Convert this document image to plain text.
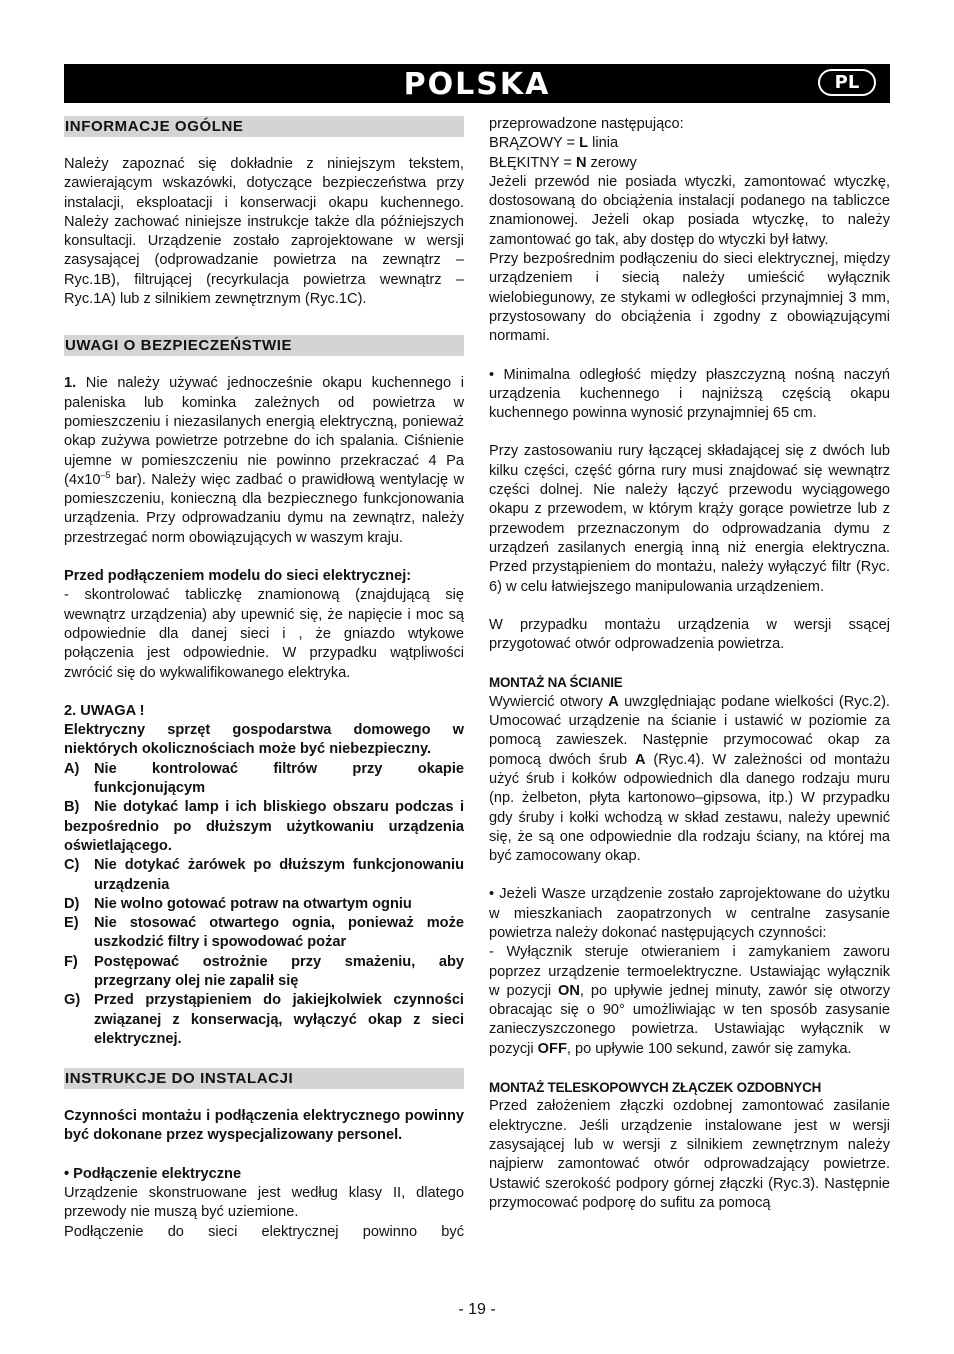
POLSKA	PL
INFORMACJE OGÓLNE

Należy zapoznać się dokładnie z niniejszym tekstem, zawierającym wskazówki, dotyczące bezpieczeństwa przy instalacji, eksploatacji i konserwacji okapu kuchennego. Należy zachować niniejsze instrukcje także dla późniejszych konsultacji. Urządzenie zostało zaprojektowane w wersji zasysającej (odprowadzanie powietrza na zewnątrz – Ryc.1B), filtrującej (recyrkulacja powietrza wewnątrz – Ryc.1A) lub z silnikiem zewnętrznym (Ryc.1C).

UWAGI O BEZPIECZEŃSTWIE

1. Nie należy używać jednocześnie okapu kuchennego i paleniska lub kominka zależnych od powietrza w pomieszczeniu i niezasilanych energią elektryczną, ponieważ okap zużywa powietrze potrzebne do ich spalania. Ciśnienie ujemne w pomieszczeniu nie powinno przekraczać 4 Pa ($4x10^{-5}$ bar). Należy więc zadbać o prawidłową wentylację w pomieszczeniu, konieczną dla bezpiecznego funkcjonowania urządzenia. Przy odprowadzaniu dymu na zewnątrz, należy przestrzegać norm obowiązujących w waszym kraju.

Przed podłączeniem modelu do sieci elektrycznej:

- skontrolować tabliczkę znamionową (znajdującą się wewnątrz urządzenia) aby upewnić się, że napięcie i moc są odpowiednie dla danej sieci i , że gniazdo wtykowe połączenia jest odpowiednie. W przypadku wątpliwości zwrócić się do wykwalifikowanego elektryka.

2. UWAGA !

Elektryczny sprzęt gospodarstwa domowego w niektórych okolicznościach może być niebezpieczny.

A) Nie kontrolować filtrów przy okapie funkcjonującym
B) Nie dotykać lamp i ich bliskiego obszaru podczas i bezpośrednio po dłuższym użytkowaniu urządzenia oświetlającego.
C) Nie dotykać żarówek po dłuższym funkcjonowaniu urządzenia
D) Nie wolno gotować potraw na otwartym ogniu
E)	Nie stosować otwartego ognia, ponieważ może uszkodzić filtry i spowodować pożar
F)	Postępować ostrożnie przy smażeniu, aby przegrzany olej nie zapalił się
G) Przed przystąpieniem do jakiejkolwiek czynności związanej z konserwacją, wyłączyć okap z sieci elektrycznej.
INSTRUKCJE DO INSTALACJI

Czynności montażu i podłączenia elektrycznego powinny być dokonane przez wyspecjalizowany personel.

• Podłączenie elektryczne

Urządzenie skonstruowane jest według klasy II, dlatego przewody nie muszą być uziemione.

Podłączenie do sieci elektrycznej powinno być

przeprowadzone następująco:

BRĄZOWY = L linia

BŁĘKITNY = N zerowy

Jeżeli przewód nie posiada wtyczki, zamontować wtyczkę, dostosowaną do obciążenia instalacji podanego na tabliczce znamionowej. Jeżeli okap posiada wtyczkę, to należy zamontować go tak, aby dostęp do wtyczki był łatwy.

Przy bezpośrednim podłączeniu do sieci elektrycznej, między urządzeniem i siecią należy umieścić wyłącznik wielobiegunowy, ze stykami w odległości przynajmniej 3 mm, przystosowany do obciążenia i zgodny z obowiązującymi normami.

• Minimalna odległość między płaszczyzną nośną naczyń urządzenia kuchennego i najniższą częścią okapu kuchennego powinna wynosić przynajmniej 65 cm.

Przy zastosowaniu rury łączącej składającej się z dwóch lub kilku części, część górna rury musi znajdować się wewnątrz części dolnej. Nie należy łączyć przewodu wyciągowego okapu z przewodem, w którym krąży gorące powietrze lub z przewodem przeznaczonym do odprowadzania dymu z urządzeń zasilanych energią inną niż energia elektryczna. Przed przystąpieniem do montażu, należy wyłączyć filtr (Ryc. 6) w celu łatwiejszego manipulowania urządzeniem.

W przypadku montażu urządzenia w wersji ssącej przygotować otwór odprowadzenia powietrza.

MONTAŻ NA ŚCIANIE

Wywiercić otwory A uwzględniając podane wielkości (Ryc.2). Umocować urządzenie na ścianie i ustawić w poziomie za pomocą zawieszek. Następnie przymocować okap za pomocą dwóch śrub A (Ryc.4). W zależności od montażu użyć śrub i kołków odpowiednich dla danego rodzaju muru (np. żelbeton, płyta kartonowo–gipsowa, itp.) W przypadku gdy śruby i kołki wchodzą w skład zestawu, należy upewnić się, że są one odpowiednie dla rodzaju ściany, na której ma być zamocowany okap.

• Jeżeli Wasze urządzenie zostało zaprojektowane do użytku w mieszkaniach zaopatrzonych w centralne zasysanie powietrza należy dokonać następujących czynności:

- Wyłącznik steruje otwieraniem i zamykaniem zaworu poprzez urządzenie termoelektryczne. Ustawiając wyłącznik w pozycji ON, po upływie jednej minuty, zawór się otworzy obracając się o 90° umożliwiając w ten sposób zasysanie zanieczyszczonego powietrza. Ustawiając wyłącznik w pozycji OFF, po upływie 100 sekund, zawór się zamyka.

MONTAŻ TELESKOPOWYCH ZŁĄCZEK OZDOBNYCH

Przed założeniem złączki ozdobnej zamontować zasilanie elektryczne. Jeśli urządzenie instalowane jest w wersji zasysającej lub w wersji z silnikiem zewnętrznym należy najpierw zamontować otwór odprowadzający powietrze. Ustawić szerokość podpory górnej złączki (Ryc.3). Następnie przymocować podporę do sufitu za pomocą

- 19 -
